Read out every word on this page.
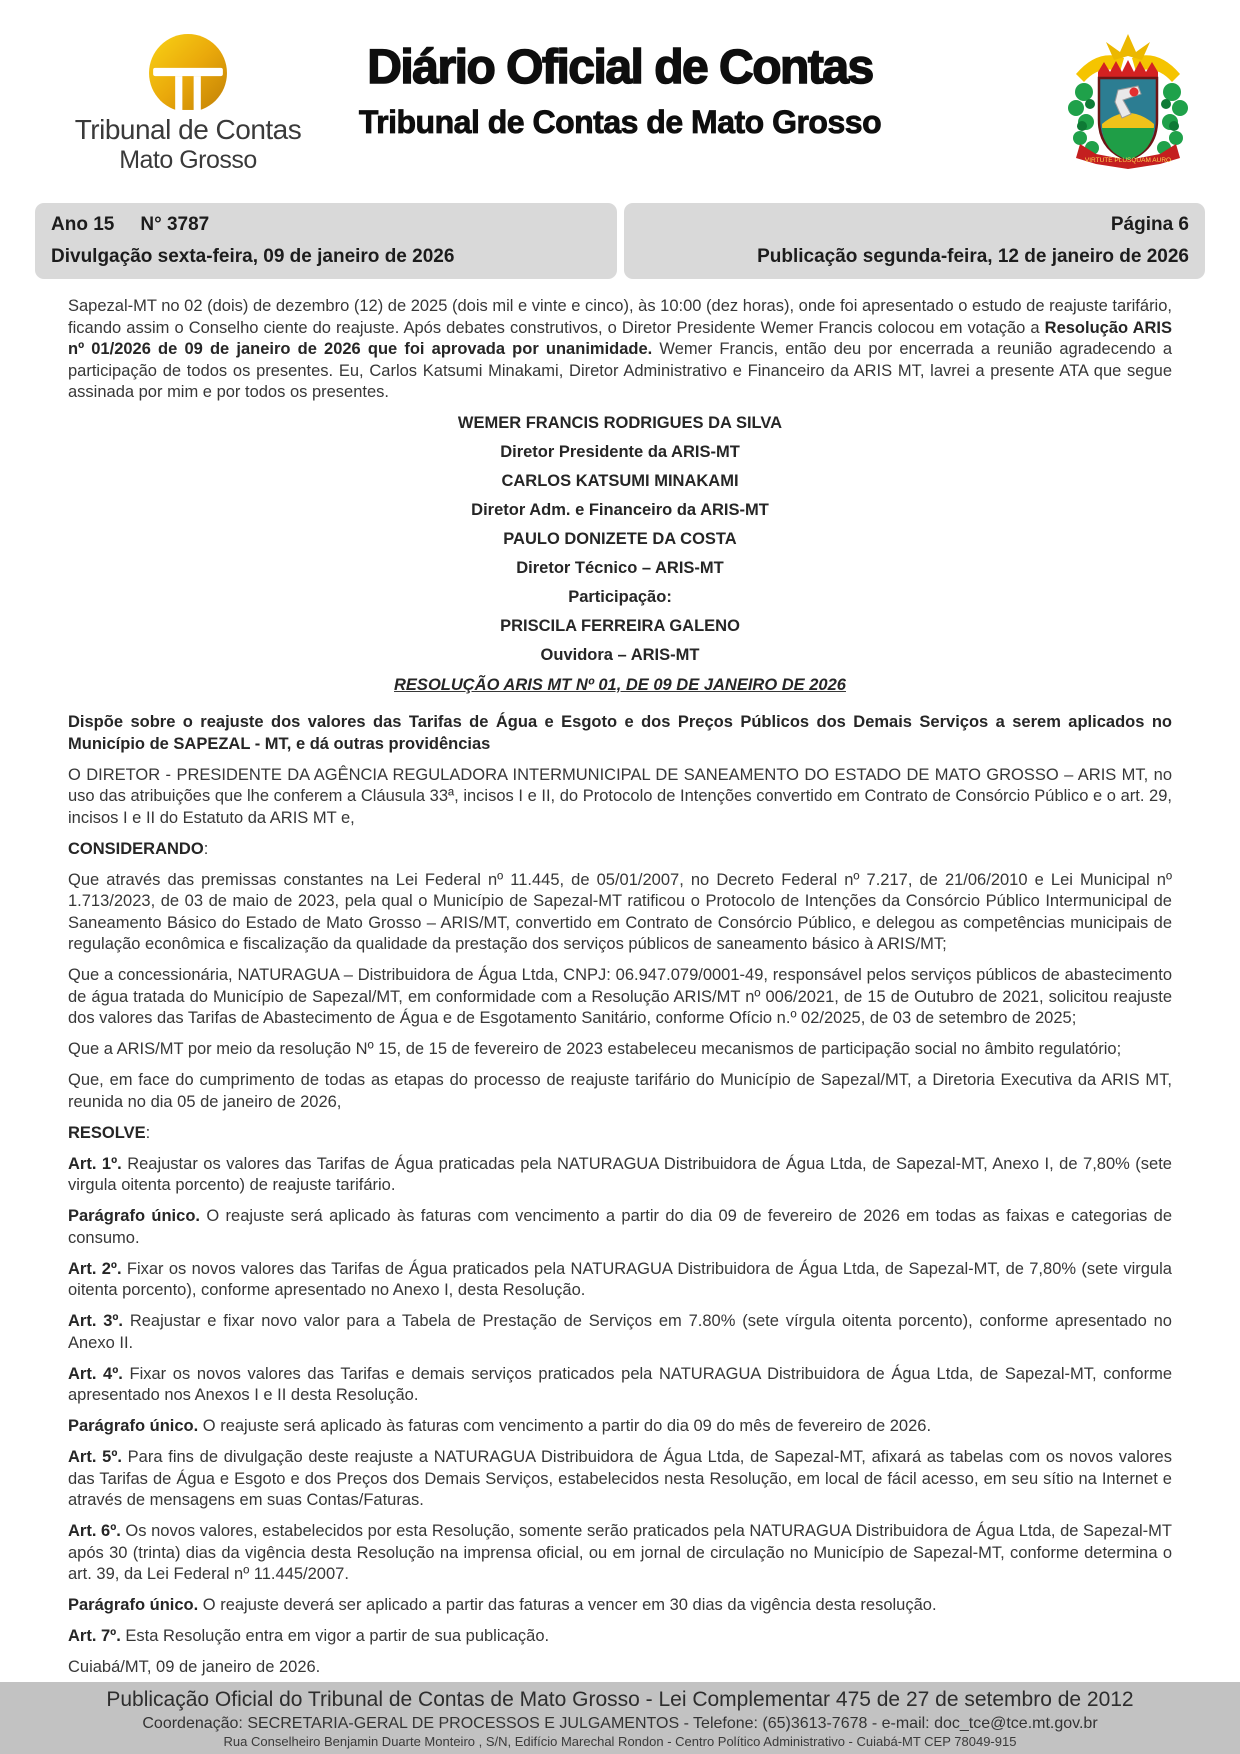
Tribunal de Contas
Mato Grosso
Diário Oficial de Contas
Tribunal de Contas de Mato Grosso
VIRTUTE PLUSQUAM AURO
Ano 15 N° 3787
Divulgação sexta-feira, 09 de janeiro de 2026
Página 6
Publicação segunda-feira, 12 de janeiro de 2026

Sapezal-MT no 02 (dois) de dezembro (12) de 2025 (dois mil e vinte e cinco), às 10:00 (dez horas), onde foi apresentado o estudo de reajuste tarifário, ficando assim o Conselho ciente do reajuste. Após debates construtivos, o Diretor Presidente Wemer Francis colocou em votação a Resolução ARIS nº 01/2026 de 09 de janeiro de 2026 que foi aprovada por unanimidade. Wemer Francis, então deu por encerrada a reunião agradecendo a participação de todos os presentes. Eu, Carlos Katsumi Minakami, Diretor Administrativo e Financeiro da ARIS MT, lavrei a presente ATA que segue assinada por mim e por todos os presentes.

WEMER FRANCIS RODRIGUES DA SILVA

Diretor Presidente da ARIS-MT

CARLOS KATSUMI MINAKAMI

Diretor Adm. e Financeiro da ARIS-MT

PAULO DONIZETE DA COSTA

Diretor Técnico – ARIS-MT

Participação:

PRISCILA FERREIRA GALENO

Ouvidora – ARIS-MT

RESOLUÇÃO ARIS MT Nº 01, DE 09 DE JANEIRO DE 2026

Dispõe sobre o reajuste dos valores das Tarifas de Água e Esgoto e dos Preços Públicos dos Demais Serviços a serem aplicados no Município de SAPEZAL - MT, e dá outras providências

O DIRETOR - PRESIDENTE DA AGÊNCIA REGULADORA INTERMUNICIPAL DE SANEAMENTO DO ESTADO DE MATO GROSSO – ARIS MT, no uso das atribuições que lhe conferem a Cláusula 33ª, incisos I e II, do Protocolo de Intenções convertido em Contrato de Consórcio Público e o art. 29, incisos I e II do Estatuto da ARIS MT e,

CONSIDERANDO:

Que através das premissas constantes na Lei Federal nº 11.445, de 05/01/2007, no Decreto Federal nº 7.217, de 21/06/2010 e Lei Municipal nº 1.713/2023, de 03 de maio de 2023, pela qual o Município de Sapezal-MT ratificou o Protocolo de Intenções da Consórcio Público Intermunicipal de Saneamento Básico do Estado de Mato Grosso – ARIS/MT, convertido em Contrato de Consórcio Público, e delegou as competências municipais de regulação econômica e fiscalização da qualidade da prestação dos serviços públicos de saneamento básico à ARIS/MT;

Que a concessionária, NATURAGUA – Distribuidora de Água Ltda, CNPJ: 06.947.079/0001-49, responsável pelos serviços públicos de abastecimento de água tratada do Município de Sapezal/MT, em conformidade com a Resolução ARIS/MT nº 006/2021, de 15 de Outubro de 2021, solicitou reajuste dos valores das Tarifas de Abastecimento de Água e de Esgotamento Sanitário, conforme Ofício n.º 02/2025, de 03 de setembro de 2025;

Que a ARIS/MT por meio da resolução Nº 15, de 15 de fevereiro de 2023 estabeleceu mecanismos de participação social no âmbito regulatório;

Que, em face do cumprimento de todas as etapas do processo de reajuste tarifário do Município de Sapezal/MT, a Diretoria Executiva da ARIS MT, reunida no dia 05 de janeiro de 2026,

RESOLVE:

Art. 1º. Reajustar os valores das Tarifas de Água praticadas pela NATURAGUA Distribuidora de Água Ltda, de Sapezal-MT, Anexo I, de 7,80% (sete virgula oitenta porcento) de reajuste tarifário.

Parágrafo único. O reajuste será aplicado às faturas com vencimento a partir do dia 09 de fevereiro de 2026 em todas as faixas e categorias de consumo.

Art. 2º. Fixar os novos valores das Tarifas de Água praticados pela NATURAGUA Distribuidora de Água Ltda, de Sapezal-MT, de 7,80% (sete virgula oitenta porcento), conforme apresentado no Anexo I, desta Resolução.

Art. 3º. Reajustar e fixar novo valor para a Tabela de Prestação de Serviços em 7.80% (sete vírgula oitenta porcento), conforme apresentado no Anexo II.

Art. 4º. Fixar os novos valores das Tarifas e demais serviços praticados pela NATURAGUA Distribuidora de Água Ltda, de Sapezal-MT, conforme apresentado nos Anexos I e II desta Resolução.

Parágrafo único. O reajuste será aplicado às faturas com vencimento a partir do dia 09 do mês de fevereiro de 2026.

Art. 5º. Para fins de divulgação deste reajuste a NATURAGUA Distribuidora de Água Ltda, de Sapezal-MT, afixará as tabelas com os novos valores das Tarifas de Água e Esgoto e dos Preços dos Demais Serviços, estabelecidos nesta Resolução, em local de fácil acesso, em seu sítio na Internet e através de mensagens em suas Contas/Faturas.

Art. 6º. Os novos valores, estabelecidos por esta Resolução, somente serão praticados pela NATURAGUA Distribuidora de Água Ltda, de Sapezal-MT após 30 (trinta) dias da vigência desta Resolução na imprensa oficial, ou em jornal de circulação no Município de Sapezal-MT, conforme determina o art. 39, da Lei Federal nº 11.445/2007.

Parágrafo único. O reajuste deverá ser aplicado a partir das faturas a vencer em 30 dias da vigência desta resolução.

Art. 7º. Esta Resolução entra em vigor a partir de sua publicação.

Cuiabá/MT, 09 de janeiro de 2026.

Publicação Oficial do Tribunal de Contas de Mato Grosso - Lei Complementar 475 de 27 de setembro de 2012
Coordenação: SECRETARIA-GERAL DE PROCESSOS E JULGAMENTOS - Telefone: (65)3613-7678 - e-mail: doc_tce@tce.mt.gov.br
Rua Conselheiro Benjamin Duarte Monteiro , S/N, Edifício Marechal Rondon - Centro Político Administrativo - Cuiabá-MT CEP 78049-915
